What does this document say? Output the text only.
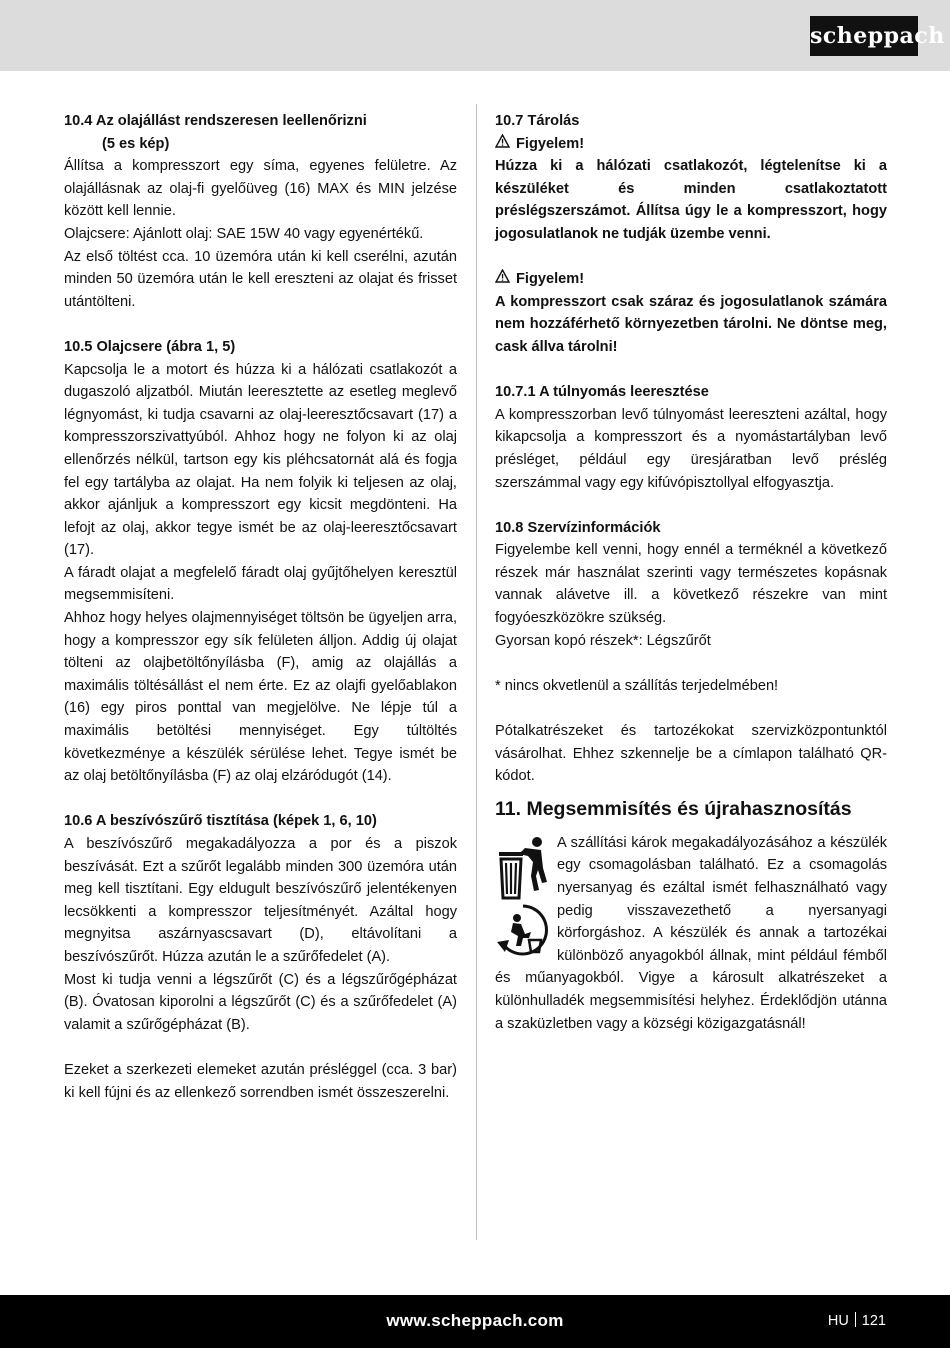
scheppach

10.4 Az olajállást rendszeresen leellenőrizni

(5 es kép)

Állítsa a kompresszort egy síma, egyenes felületre. Az olajállásnak az olaj-fi gyelőüveg (16) MAX és MIN jelzése között kell lennie.

Olajcsere: Ajánlott olaj: SAE 15W 40 vagy egyenértékű.

Az első töltést cca. 10 üzemóra után ki kell cserélni, azután minden 50 üzemóra után le kell ereszteni az olajat és frisset utántölteni.

10.5 Olajcsere (ábra 1, 5)

Kapcsolja le a motort és húzza ki a hálózati csatlakozót a dugaszoló aljzatból. Miután leeresztette az esetleg meglevő légnyomást, ki tudja csavarni az olaj-leeresztőcsavart (17) a kompresszorszivattyúból. Ahhoz hogy ne folyon ki az olaj ellenőrzés nélkül, tartson egy kis pléhcsatornát alá és fogja fel egy tartályba az olajat. Ha nem folyik ki teljesen az olaj, akkor ajánljuk a kompresszort egy kicsit megdönteni. Ha lefojt az olaj, akkor tegye ismét be az olaj-leeresztőcsavart (17).

A fáradt olajat a megfelelő fáradt olaj gyűjtőhelyen keresztül megsemmisíteni.

Ahhoz hogy helyes olajmennyiséget töltsön be ügyeljen arra, hogy a kompresszor egy sík felületen álljon. Addig új olajat tölteni az olajbetöltőnyílásba (F), amig az olajállás a maximális töltésállást el nem érte. Ez az olajfi gyelőablakon (16) egy piros ponttal van megjelölve. Ne lépje túl a maximális betöltési mennyiséget. Egy túltöltés következménye a készülék sérülése lehet. Tegye ismét be az olaj betöltőnyílásba (F) az olaj elzáródugót (14).

10.6 A beszívószűrő tisztítása (képek 1, 6, 10)

A beszívószűrő megakadályozza a por és a piszok beszívását. Ezt a szűrőt legalább minden 300 üzemóra után meg kell tisztítani. Egy eldugult beszívószűrő jelentékenyen lecsökkenti a kompresszor teljesítményét. Azáltal hogy megnyitsa aszárnyascsavart (D), eltávolítani a beszívószűrőt. Húzza azután le a szűrőfedelet (A).

Most ki tudja venni a légszűrőt (C) és a légszűrőgépházat (B). Óvatosan kiporolni a légszűrőt (C) és a szűrőfedelet (A) valamit a szűrőgépházat (B).

Ezeket a szerkezeti elemeket azután présléggel (cca. 3 bar) ki kell fújni és az ellenkező sorrendben ismét összeszerelni.

10.7 Tárolás

Figyelem!

Húzza ki a hálózati csatlakozót, légtelenítse ki a készüléket és minden csatlakoztatott préslégszerszámot. Állítsa úgy le a kompresszort, hogy jogosulatlanok ne tudják üzembe venni.

Figyelem!

A kompresszort csak száraz és jogosulatlanok számára nem hozzáférhető környezetben tárolni. Ne döntse meg, cask állva tárolni!

10.7.1 A túlnyomás leeresztése

A kompresszorban levő túlnyomást leereszteni azáltal, hogy kikapcsolja a kompresszort és a nyomástartályban levő présléget, például egy üresjáratban levő préslég szerszámmal vagy egy kifúvópisztollyal elfogyasztja.

10.8 Szervízinformációk

Figyelembe kell venni, hogy ennél a terméknél a következő részek már használat szerinti vagy természetes kopásnak vannak alávetve ill. a következő részekre van mint fogyóeszközökre szükség.

Gyorsan kopó részek*: Légszűrőt

* nincs okvetlenül a szállítás terjedelmében!

Pótalkatrészeket és tartozékokat szervizközpontunktól vásárolhat. Ehhez szkennelje be a címlapon található QR-kódot.

11. Megsemmisítés és újrahasznosítás

A szállítási károk megakadályozásához a készülék egy csomagolásban található. Ez a csomagolás nyersanyag és ezáltal ismét felhasználható vagy pedig visszavezethető a nyersanyagi körforgáshoz. A készülék és annak a tartozékai különböző anyagokból állnak, mint például fémből és műanyagokból. Vigye a károsult alkatrészeket a különhulladék megsemmisítési helyhez. Érdeklődjön utánna a szaküzletben vagy a községi közigazgatásnál!

www.scheppach.com	HU 121
